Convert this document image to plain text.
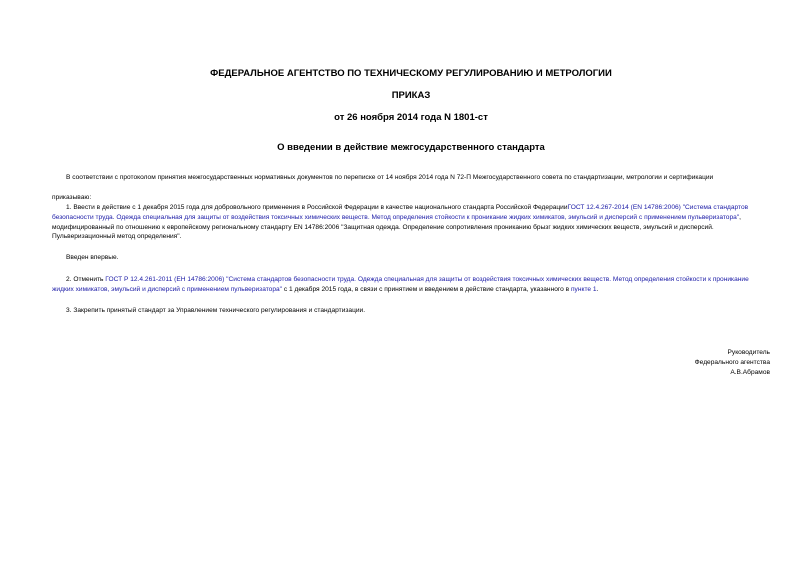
ФЕДЕРАЛЬНОЕ АГЕНТСТВО ПО ТЕХНИЧЕСКОМУ РЕГУЛИРОВАНИЮ И МЕТРОЛОГИИ
ПРИКАЗ
от 26 ноября 2014 года N 1801-ст
О введении в действие межгосударственного стандарта
В соответствии с протоколом принятия межгосударственных нормативных документов по переписке от 14 ноября 2014 года N 72-П Межгосударственного совета по стандартизации, метрологии и сертификации
приказываю:
1. Ввести в действие с 1 декабря 2015 года для добровольного применения в Российской Федерации в качестве национального стандарта Российской ФедерацииГОСТ 12.4.267-2014 (EN 14786:2006) "Система стандартов безопасности труда. Одежда специальная для защиты от воздействия токсичных химических веществ. Метод определения стойкости к проникание жидких химикатов, эмульсий и дисперсий с применением пульверизатора", модифицированный по отношению к европейскому региональному стандарту EN 14786:2006 "Защитная одежда. Определение сопротивления прониканию брызг жидких химических веществ, эмульсий и дисперсий. Пульверизационный метод определения".
Введен впервые.
2. Отменить ГОСТ Р 12.4.261-2011 (ЕН 14786:2006) "Система стандартов безопасности труда. Одежда специальная для защиты от воздействия токсичных химических веществ. Метод определения стойкости к проникание жидких химикатов, эмульсий и дисперсий с применением пульверизатора" с 1 декабря 2015 года, в связи с принятием и введением в действие стандарта, указанного в пункте 1.
3. Закрепить принятый стандарт за Управлением технического регулирования и стандартизации.
Руководитель
Федерального агентства
А.В.Абрамов
